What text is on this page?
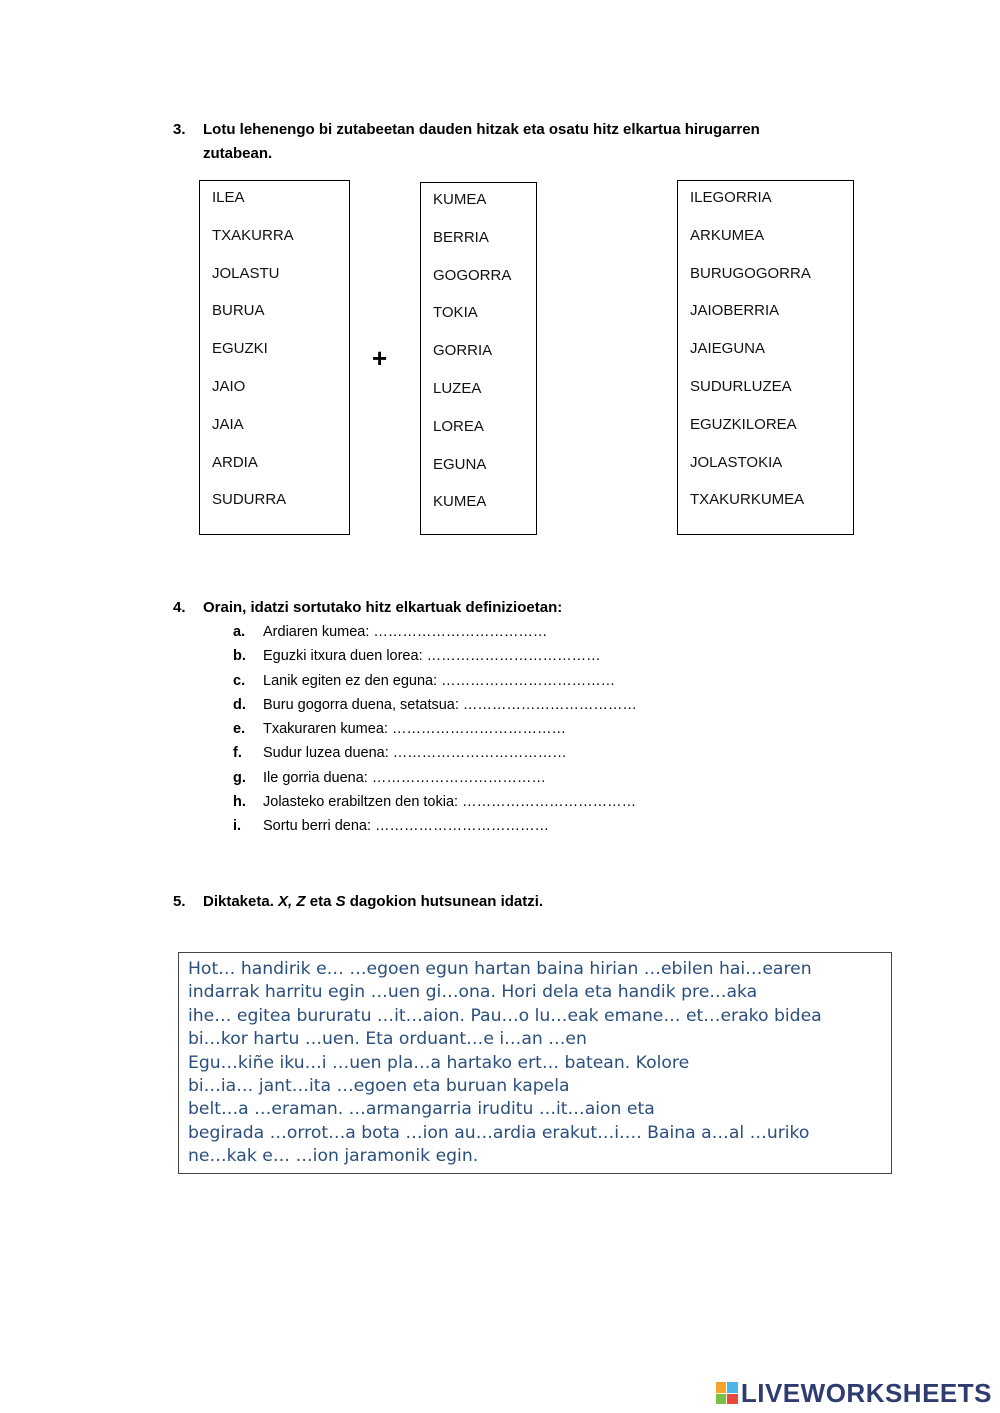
3. Lotu lehenengo bi zutabeetan dauden hitzak eta osatu hitz elkartua hirugarren
zutabean.
ILEA
TXAKURRA
JOLASTU
BURUA
EGUZKI
JAIO
JAIA
ARDIA
SUDURRA
+
KUMEA
BERRIA
GOGORRA
TOKIA
GORRIA
LUZEA
LOREA
EGUNA
KUMEA
ILEGORRIA
ARKUMEA
BURUGOGORRA
JAIOBERRIA
JAIEGUNA
SUDURLUZEA
EGUZKILOREA
JOLASTOKIA
TXAKURKUMEA
4. Orain, idatzi sortutako hitz elkartuak definizioetan:
a. Ardiaren kumea: ………………………………
b. Eguzki itxura duen lorea: ………………………………
c. Lanik egiten ez den eguna: ………………………………
d. Buru gogorra duena, setatsua: ………………………………
e. Txakuraren kumea: ………………………………
f. Sudur luzea duena: ………………………………
g. Ile gorria duena: ………………………………
h. Jolasteko erabiltzen den tokia: ………………………………
i. Sortu berri dena: ………………………………
5. Diktaketa. X, Z eta S dagokion hutsunean idatzi.
Hot… handirik e… …egoen egun hartan baina hirian …ebilen hai…earen
indarrak harritu egin …uen gi…ona. Hori dela eta handik pre…aka
ihe… egitea bururatu …it…aion. Pau…o lu…eak emane… et…erako bidea
bi…kor hartu …uen. Eta orduant…e i…an …en
Egu…kiñe iku…i …uen pla…a hartako ert… batean. Kolore
bi…ia… jant…ita …egoen eta buruan kapela
belt…a …eraman. …armangarria iruditu …it…aion eta
begirada …orrot…a bota …ion au…ardia erakut…i…. Baina a…al …uriko
ne…kak e… …ion jaramonik egin.
LIVEWORKSHEETS
